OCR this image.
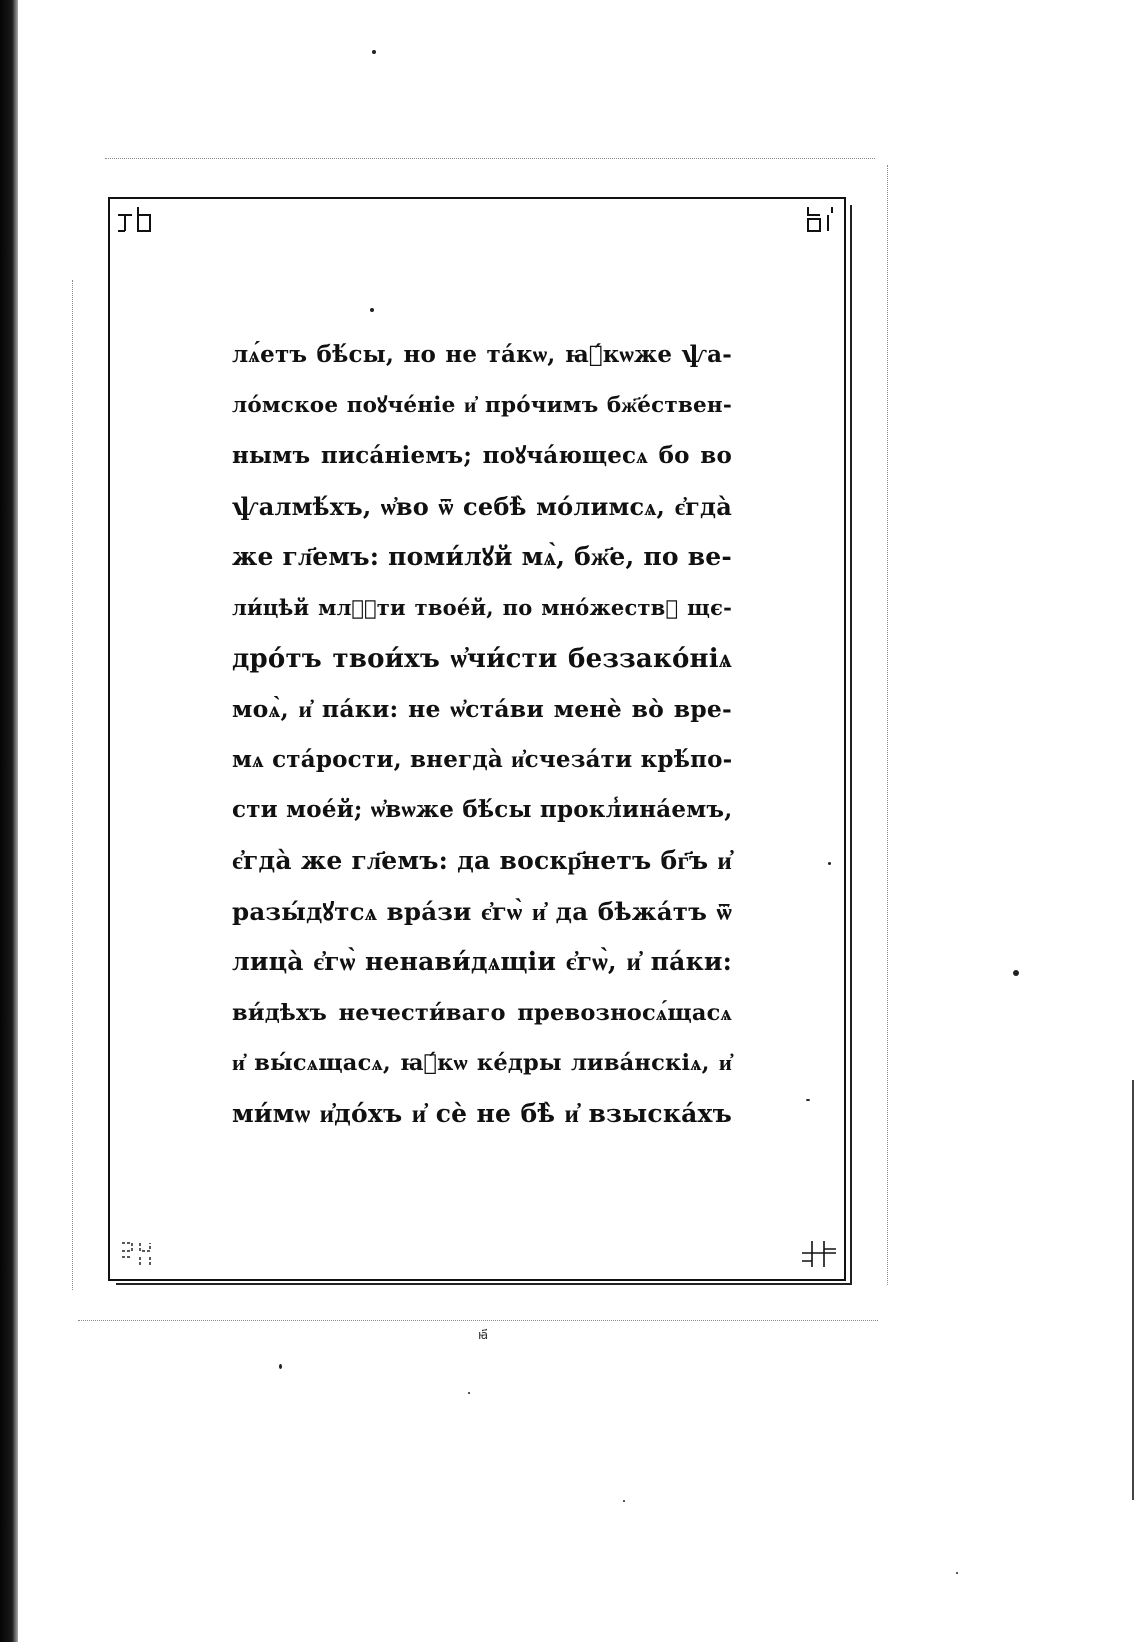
лѧ́етъ бѣ́сы, но не та́кѡ, ꙗ҆́кѡже ѱа-
ло́мское поꙋче́ніе и҆ про́чимъ бж҃е́ствен-
нымъ писа́ніемъ; поꙋча́ющесѧ бо во
ѱалмѣ́хъ, ѡ҆во ѿ себѣ̀ мо́лимсѧ, є҆гда̀
же гл҃емъ: поми́лꙋй мѧ̀, бж҃е, по ве-
ли́цѣй млⷭ҇ти твое́й, по мно́жествꙋ щє-
дро́тъ твои́хъ ѡ҆чи́сти беззако́ніѧ
моѧ̀, и҆ па́ки: не ѡ҆ста́ви менѐ во̀ вре-
мѧ ста́рости, внегда̀ и҆счеза́ти крѣ́по-
сти мое́й; ѡ҆вѡже бѣ́сы прокл̾ина́емъ,
є҆гда̀ же гл҃емъ: да воскр҃нетъ бг҃ъ и҆
разы́дꙋтсѧ вра́зи є҆гѡ̀ и҆ да бѣжа́тъ ѿ
лица̀ є҆гѡ̀ ненави́дѧщіи є҆гѡ̀, и҆ па́ки:
ви́дѣхъ нечести́ваго превозносѧ́щасѧ
и҆ вы́сѧщасѧ, ꙗ҆́кѡ ке́дры лива́нскіѧ, и҆
ми́мѡ и҆до́хъ и҆ сѐ не бѣ̀ и҆ взыска́хъ
ꙗ҃
